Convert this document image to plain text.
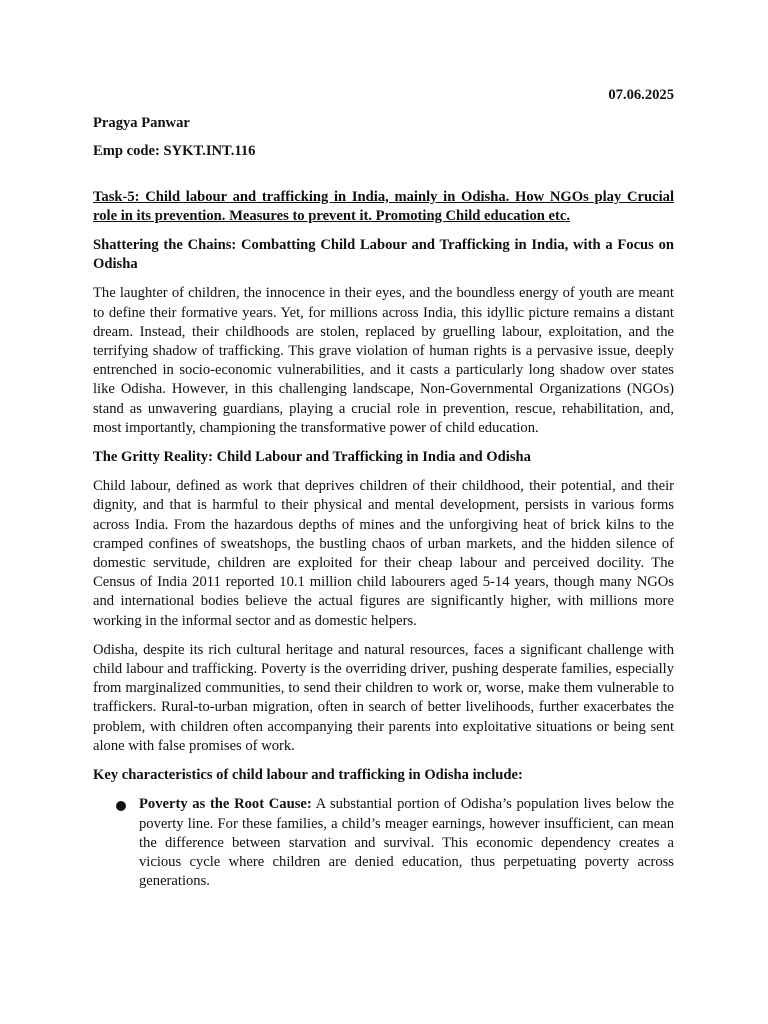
07.06.2025
Pragya Panwar
Emp code: SYKT.INT.116
Task-5: Child labour and trafficking in India, mainly in Odisha. How NGOs play Crucial role in its prevention. Measures to prevent it. Promoting Child education etc.
Shattering the Chains: Combatting Child Labour and Trafficking in India, with a Focus on Odisha

The laughter of children, the innocence in their eyes, and the boundless energy of youth are meant to define their formative years. Yet, for millions across India, this idyllic picture remains a distant dream. Instead, their childhoods are stolen, replaced by gruelling labour, exploitation, and the terrifying shadow of trafficking. This grave violation of human rights is a pervasive issue, deeply entrenched in socio-economic vulnerabilities, and it casts a particularly long shadow over states like Odisha. However, in this challenging landscape, Non-Governmental Organizations (NGOs) stand as unwavering guardians, playing a crucial role in prevention, rescue, rehabilitation, and, most importantly, championing the transformative power of child education.

The Gritty Reality: Child Labour and Trafficking in India and Odisha

Child labour, defined as work that deprives children of their childhood, their potential, and their dignity, and that is harmful to their physical and mental development, persists in various forms across India. From the hazardous depths of mines and the unforgiving heat of brick kilns to the cramped confines of sweatshops, the bustling chaos of urban markets, and the hidden silence of domestic servitude, children are exploited for their cheap labour and perceived docility. The Census of India 2011 reported 10.1 million child labourers aged 5-14 years, though many NGOs and international bodies believe the actual figures are significantly higher, with millions more working in the informal sector and as domestic helpers.

Odisha, despite its rich cultural heritage and natural resources, faces a significant challenge with child labour and trafficking. Poverty is the overriding driver, pushing desperate families, especially from marginalized communities, to send their children to work or, worse, make them vulnerable to traffickers. Rural-to-urban migration, often in search of better livelihoods, further exacerbates the problem, with children often accompanying their parents into exploitative situations or being sent alone with false promises of work.

Key characteristics of child labour and trafficking in Odisha include:
Poverty as the Root Cause: A substantial portion of Odisha’s population lives below the poverty line. For these families, a child’s meager earnings, however insufficient, can mean the difference between starvation and survival. This economic dependency creates a vicious cycle where children are denied education, thus perpetuating poverty across generations.
